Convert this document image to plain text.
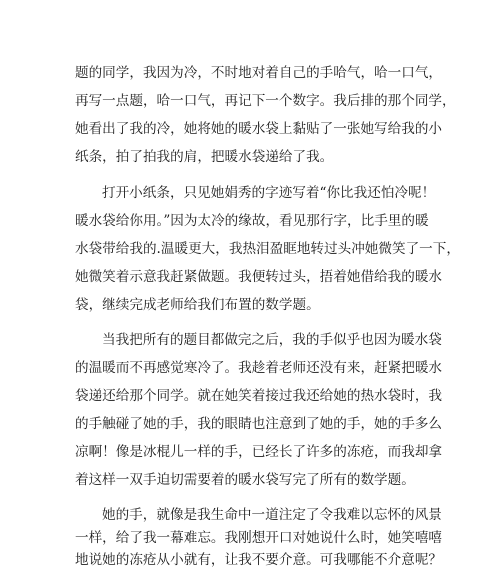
题的同学，我因为冷，不时地对着自己的手哈气，哈一口气，
再写一点题，哈一口气，再记下一个数字。我后排的那个同学，
她看出了我的冷，她将她的暖水袋上黏贴了一张她写给我的小
纸条，拍了拍我的肩，把暖水袋递给了我。
打开小纸条，只见她娟秀的字迹写着“你比我还怕冷呢！
暖水袋给你用。”因为太冷的缘故，看见那行字，比手里的暖
水袋带给我的.温暖更大，我热泪盈眶地转过头冲她微笑了一下，
她微笑着示意我赶紧做题。我便转过头，捂着她借给我的暖水
袋，继续完成老师给我们布置的数学题。
当我把所有的题目都做完之后，我的手似乎也因为暖水袋
的温暖而不再感觉寒冷了。我趁着老师还没有来，赶紧把暖水
袋递还给那个同学。就在她笑着接过我还给她的热水袋时，我
的手触碰了她的手，我的眼睛也注意到了她的手，她的手多么
凉啊！像是冰棍儿一样的手，已经长了许多的冻疮，而我却拿
着这样一双手迫切需要着的暖水袋写完了所有的数学题。
她的手，就像是我生命中一道注定了令我难以忘怀的风景
一样，给了我一幕难忘。我刚想开口对她说什么时，她笑嘻嘻
地说她的冻疮从小就有，让我不要介意。可我哪能不介意呢？
